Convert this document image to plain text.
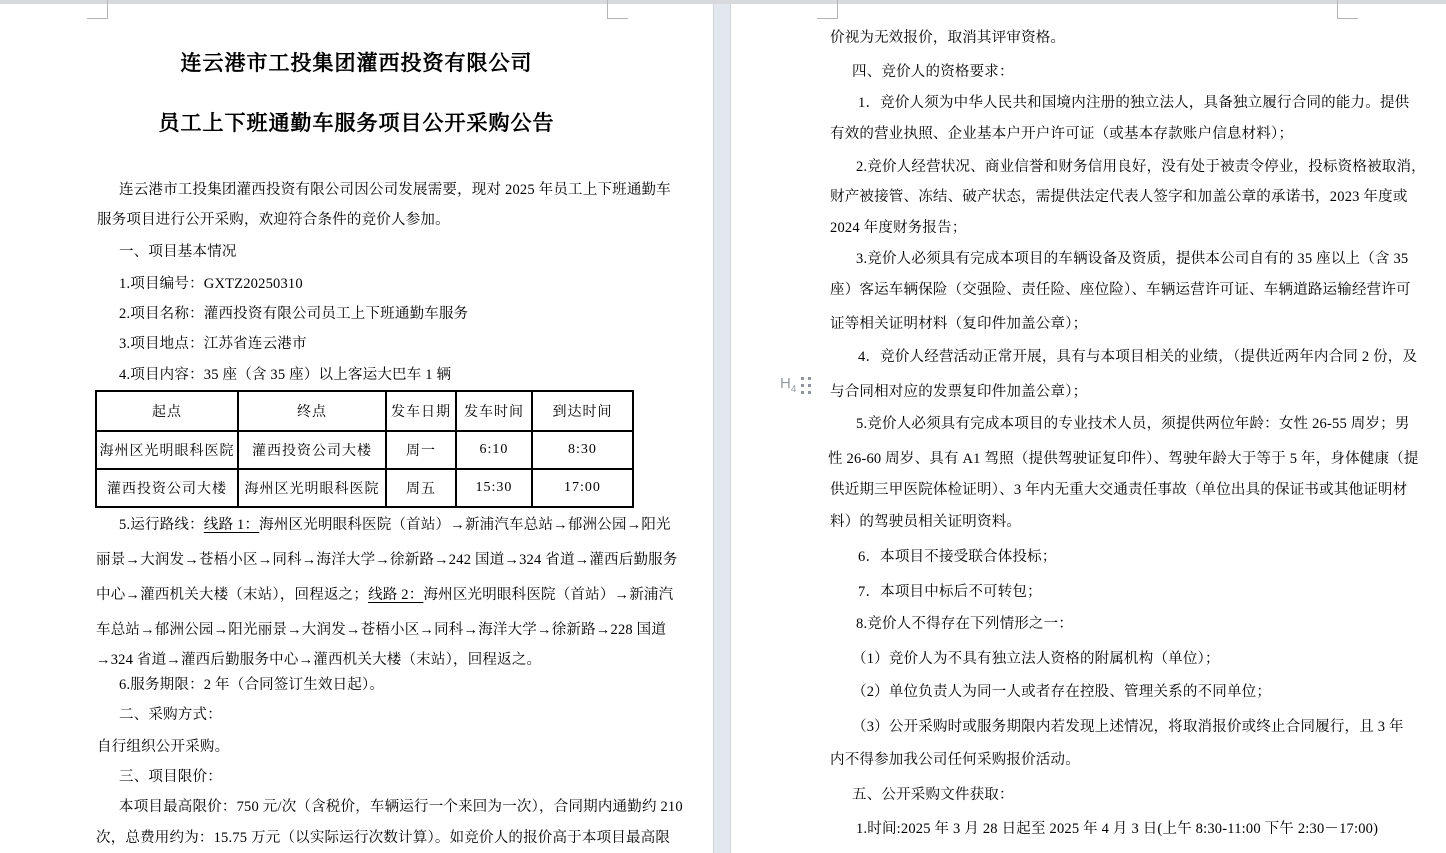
连云港市工投集团灌西投资有限公司
员工上下班通勤车服务项目公开采购公告
起点	终点	发车日期	发车时间	到达时间
海州区光明眼科医院	灌西投资公司大楼	周一	6:10	8:30
灌西投资公司大楼	海州区光明眼科医院	周五	15:30	17:00
连云港市工投集团灌西投资有限公司因公司发展需要，现对 2025 年员工上下班通勤车
服务项目进行公开采购，欢迎符合条件的竞价人参加。
一、项目基本情况
1.项目编号：GXTZ20250310
2.项目名称：灌西投资有限公司员工上下班通勤车服务
3.项目地点：江苏省连云港市
4.项目内容：35 座（含 35 座）以上客运大巴车 1 辆
5.运行路线：线路 1：海州区光明眼科医院（首站）→新浦汽车总站→郁洲公园→阳光
丽景→大润发→苍梧小区→同科→海洋大学→徐新路→242 国道→324 省道→灌西后勤服务
中心→灌西机关大楼（末站），回程返之；线路 2：海州区光明眼科医院（首站）→新浦汽
车总站→郁洲公园→阳光丽景→大润发→苍梧小区→同科→海洋大学→徐新路→228 国道
→324 省道→灌西后勤服务中心→灌西机关大楼（末站），回程返之。
6.服务期限：2 年（合同签订生效日起）。
二、采购方式：
自行组织公开采购。
三、项目限价：
本项目最高限价：750 元/次（含税价，车辆运行一个来回为一次），合同期内通勤约 210
次，总费用约为：15.75 万元（以实际运行次数计算）。如竞价人的报价高于本项目最高限
价视为无效报价，取消其评审资格。
四、竞价人的资格要求：
1．竞价人须为中华人民共和国境内注册的独立法人，具备独立履行合同的能力。提供
有效的营业执照、企业基本户开户许可证（或基本存款账户信息材料）；
2.竞价人经营状况、商业信誉和财务信用良好，没有处于被责令停业，投标资格被取消，
财产被接管、冻结、破产状态，需提供法定代表人签字和加盖公章的承诺书，2023 年度或
2024 年度财务报告；
3.竞价人必须具有完成本项目的车辆设备及资质，提供本公司自有的 35 座以上（含 35
座）客运车辆保险（交强险、责任险、座位险）、车辆运营许可证、车辆道路运输经营许可
证等相关证明材料（复印件加盖公章）；
4．竞价人经营活动正常开展，具有与本项目相关的业绩，（提供近两年内合同 2 份，及
与合同相对应的发票复印件加盖公章）；
5.竞价人必须具有完成本项目的专业技术人员，须提供两位年龄：女性 26-55 周岁；男
性 26-60 周岁、具有 A1 驾照（提供驾驶证复印件）、驾驶年龄大于等于 5 年，身体健康（提
供近期三甲医院体检证明）、3 年内无重大交通责任事故（单位出具的保证书或其他证明材
料）的驾驶员相关证明资料。
6．本项目不接受联合体投标；
7．本项目中标后不可转包；
8.竞价人不得存在下列情形之一：
（1）竞价人为不具有独立法人资格的附属机构（单位）；
（2）单位负责人为同一人或者存在控股、管理关系的不同单位；
（3）公开采购时或服务期限内若发现上述情况，将取消报价或终止合同履行，且 3 年
内不得参加我公司任何采购报价活动。
五、公开采购文件获取：
1.时间:2025 年 3 月 28 日起至 2025 年 4 月 3 日(上午 8:30-11:00 下午 2:30－17:00)
$H_4$
